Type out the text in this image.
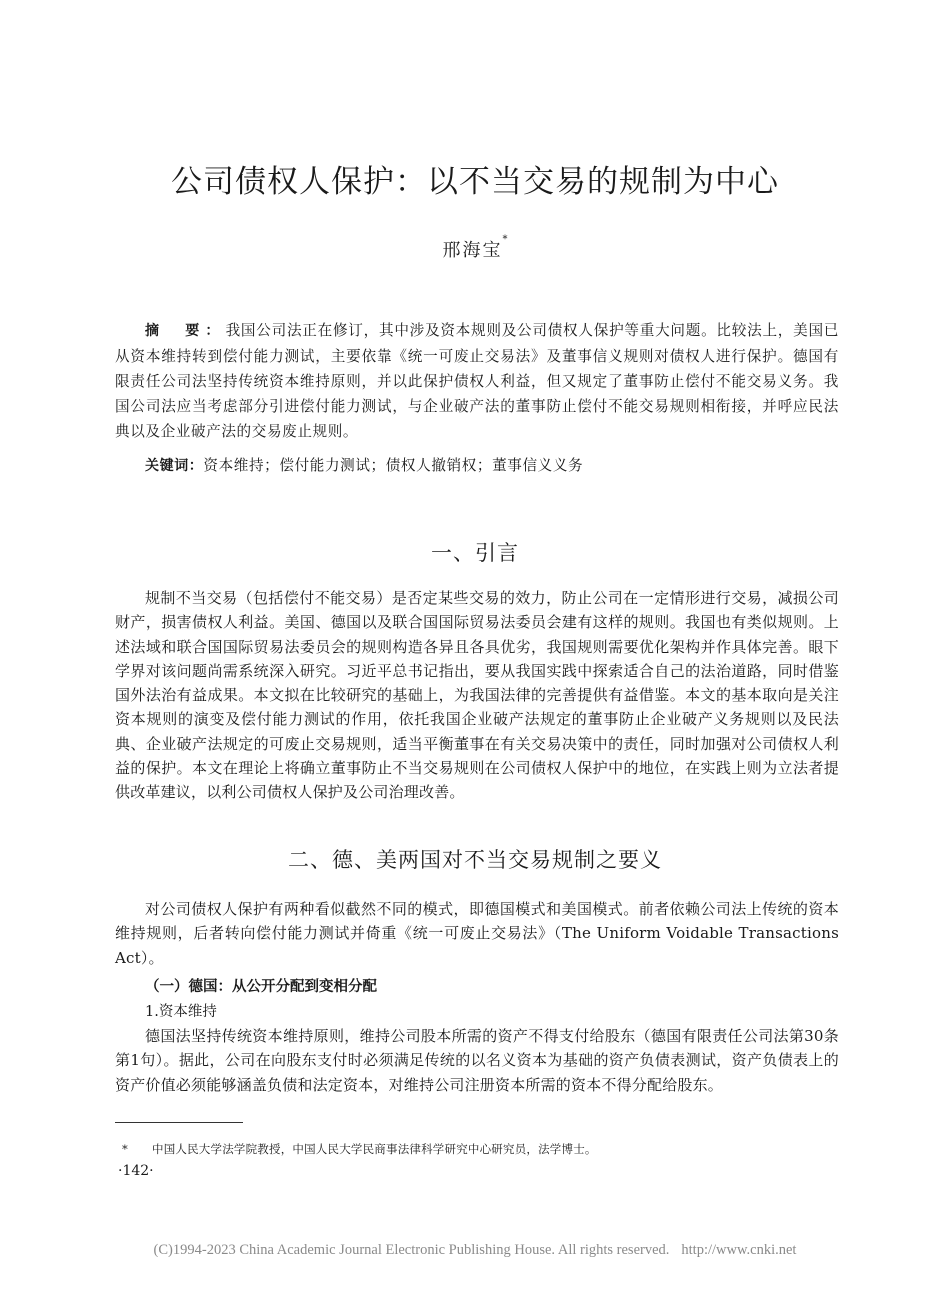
公司债权人保护：以不当交易的规制为中心
邢海宝*
摘　要：我国公司法正在修订，其中涉及资本规则及公司债权人保护等重大问题。比较法上，美国已从资本维持转到偿付能力测试，主要依靠《统一可废止交易法》及董事信义规则对债权人进行保护。德国有限责任公司法坚持传统资本维持原则，并以此保护债权人利益，但又规定了董事防止偿付不能交易义务。我国公司法应当考虑部分引进偿付能力测试，与企业破产法的董事防止偿付不能交易规则相衔接，并呼应民法典以及企业破产法的交易废止规则。
关键词：资本维持；偿付能力测试；债权人撤销权；董事信义义务
一、引言
规制不当交易（包括偿付不能交易）是否定某些交易的效力，防止公司在一定情形进行交易，减损公司财产，损害债权人利益。美国、德国以及联合国国际贸易法委员会建有这样的规则。我国也有类似规则。上述法域和联合国国际贸易法委员会的规则构造各异且各具优劣，我国规则需要优化架构并作具体完善。眼下学界对该问题尚需系统深入研究。习近平总书记指出，要从我国实践中探索适合自己的法治道路，同时借鉴国外法治有益成果。本文拟在比较研究的基础上，为我国法律的完善提供有益借鉴。本文的基本取向是关注资本规则的演变及偿付能力测试的作用，依托我国企业破产法规定的董事防止企业破产义务规则以及民法典、企业破产法规定的可废止交易规则，适当平衡董事在有关交易决策中的责任，同时加强对公司债权人利益的保护。本文在理论上将确立董事防止不当交易规则在公司债权人保护中的地位，在实践上则为立法者提供改革建议，以利公司债权人保护及公司治理改善。
二、德、美两国对不当交易规制之要义
对公司债权人保护有两种看似截然不同的模式，即德国模式和美国模式。前者依赖公司法上传统的资本维持规则，后者转向偿付能力测试并倚重《统一可废止交易法》（The Uniform Voidable Transactions Act）。
（一）德国：从公开分配到变相分配
1.资本维持
德国法坚持传统资本维持原则，维持公司股本所需的资产不得支付给股东（德国有限责任公司法第30条第1句）。据此，公司在向股东支付时必须满足传统的以名义资本为基础的资产负债表测试，资产负债表上的资产价值必须能够涵盖负债和法定资本，对维持公司注册资本所需的资本不得分配给股东。
* 中国人民大学法学院教授，中国人民大学民商事法律科学研究中心研究员，法学博士。
·142·
(C)1994-2023 China Academic Journal Electronic Publishing House. All rights reserved. http://www.cnki.net
